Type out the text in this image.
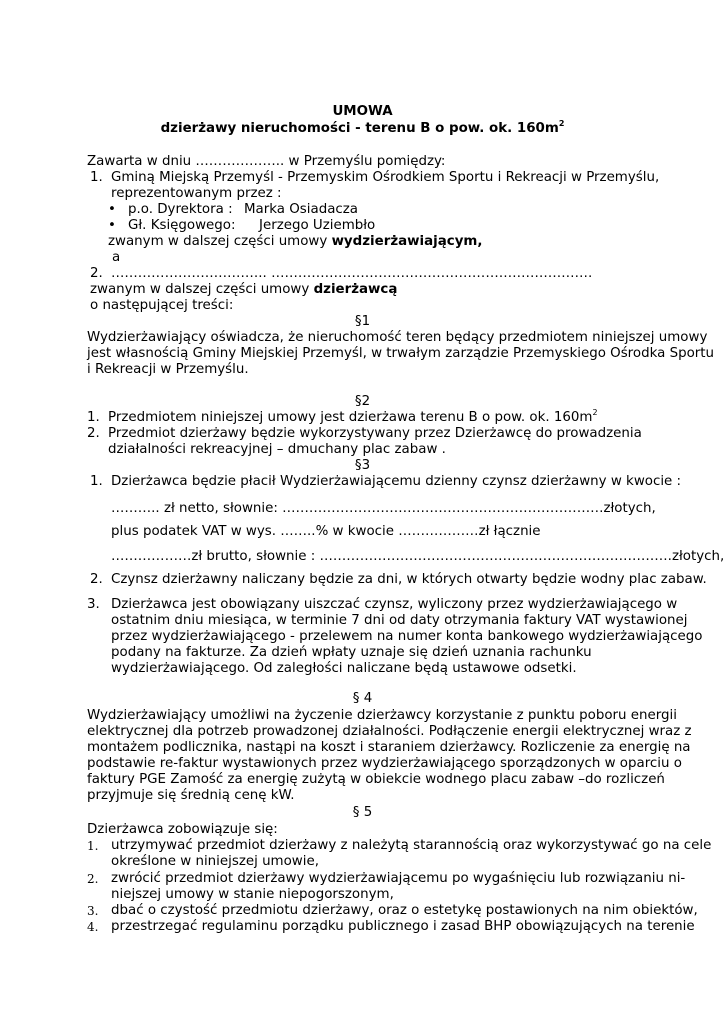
UMOWA
dzierżawy nieruchomości - terenu B o pow. ok. $160m^2$
Zawarta w dniu ……………….. w Przemyślu pomiędzy:
1. Gminą Miejską Przemyśl - Przemyskim Ośrodkiem Sportu i Rekreacji w Przemyślu,
reprezentowanym przez :
• p.o. Dyrektora : Marka Osiadacza
• Gł. Księgowego: Jerzego Uziembło
zwanym w dalszej części umowy wydzierżawiającym,
a
2. …………………………….. ………………………………………………………………
zwanym w dalszej części umowy dzierżawcą
o następującej treści:
§1
Wydzierżawiający oświadcza, że nieruchomość teren będący przedmiotem niniejszej umowy
jest własnością Gminy Miejskiej Przemyśl, w trwałym zarządzie Przemyskiego Ośrodka Sportu
i Rekreacji w Przemyślu.
§2
1. Przedmiotem niniejszej umowy jest dzierżawa terenu B o pow. ok. $160m^2$
2. Przedmiot dzierżawy będzie wykorzystywany przez Dzierżawcę do prowadzenia
działalności rekreacyjnej – dmuchany plac zabaw .
§3
1. Dzierżawca będzie płacił Wydzierżawiającemu dzienny czynsz dzierżawny w kwocie :
……….. zł netto, słownie: ………………………………………………………………złotych,
plus podatek VAT w wys. ……..% w kwocie ………………zł łącznie
………………zł brutto, słownie : …………………………………………………………………….złotych,
2. Czynsz dzierżawny naliczany będzie za dni, w których otwarty będzie wodny plac zabaw.
3. Dzierżawca jest obowiązany uiszczać czynsz, wyliczony przez wydzierżawiającego w
ostatnim dniu miesiąca, w terminie 7 dni od daty otrzymania faktury VAT wystawionej
przez wydzierżawiającego - przelewem na numer konta bankowego wydzierżawiającego
podany na fakturze. Za dzień wpłaty uznaje się dzień uznania rachunku
wydzierżawiającego. Od zaległości naliczane będą ustawowe odsetki.
§ 4
Wydzierżawiający umożliwi na życzenie dzierżawcy korzystanie z punktu poboru energii
elektrycznej dla potrzeb prowadzonej działalności. Podłączenie energii elektrycznej wraz z
montażem podlicznika, nastąpi na koszt i staraniem dzierżawcy. Rozliczenie za energię na
podstawie re-faktur wystawionych przez wydzierżawiającego sporządzonych w oparciu o
faktury PGE Zamość za energię zużytą w obiekcie wodnego placu zabaw –do rozliczeń
przyjmuje się średnią cenę kW.
§ 5
Dzierżawca zobowiązuje się:
1. utrzymywać przedmiot dzierżawy z należytą starannością oraz wykorzystywać go na cele
określone w niniejszej umowie,
2. zwrócić przedmiot dzierżawy wydzierżawiającemu po wygaśnięciu lub rozwiązaniu ni-
niejszej umowy w stanie niepogorszonym,
3. dbać o czystość przedmiotu dzierżawy, oraz o estetykę postawionych na nim obiektów,
4. przestrzegać regulaminu porządku publicznego i zasad BHP obowiązujących na terenie
